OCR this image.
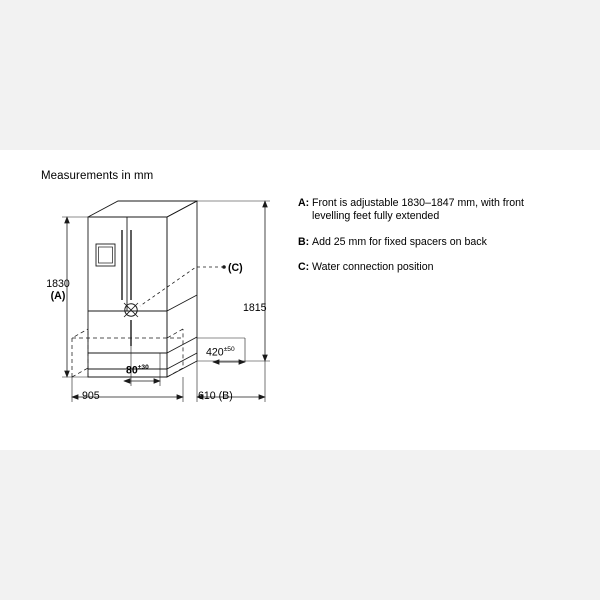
Measurements in mm
A: Front is adjustable 1830–1847 mm, with front levelling feet fully extended
B: Add 25 mm for fixed spacers on back
C: Water connection position
1830
(A)
1815
905	610 (B)
$420^{\pm 50}$
$80^{\pm 30}$
(C)
